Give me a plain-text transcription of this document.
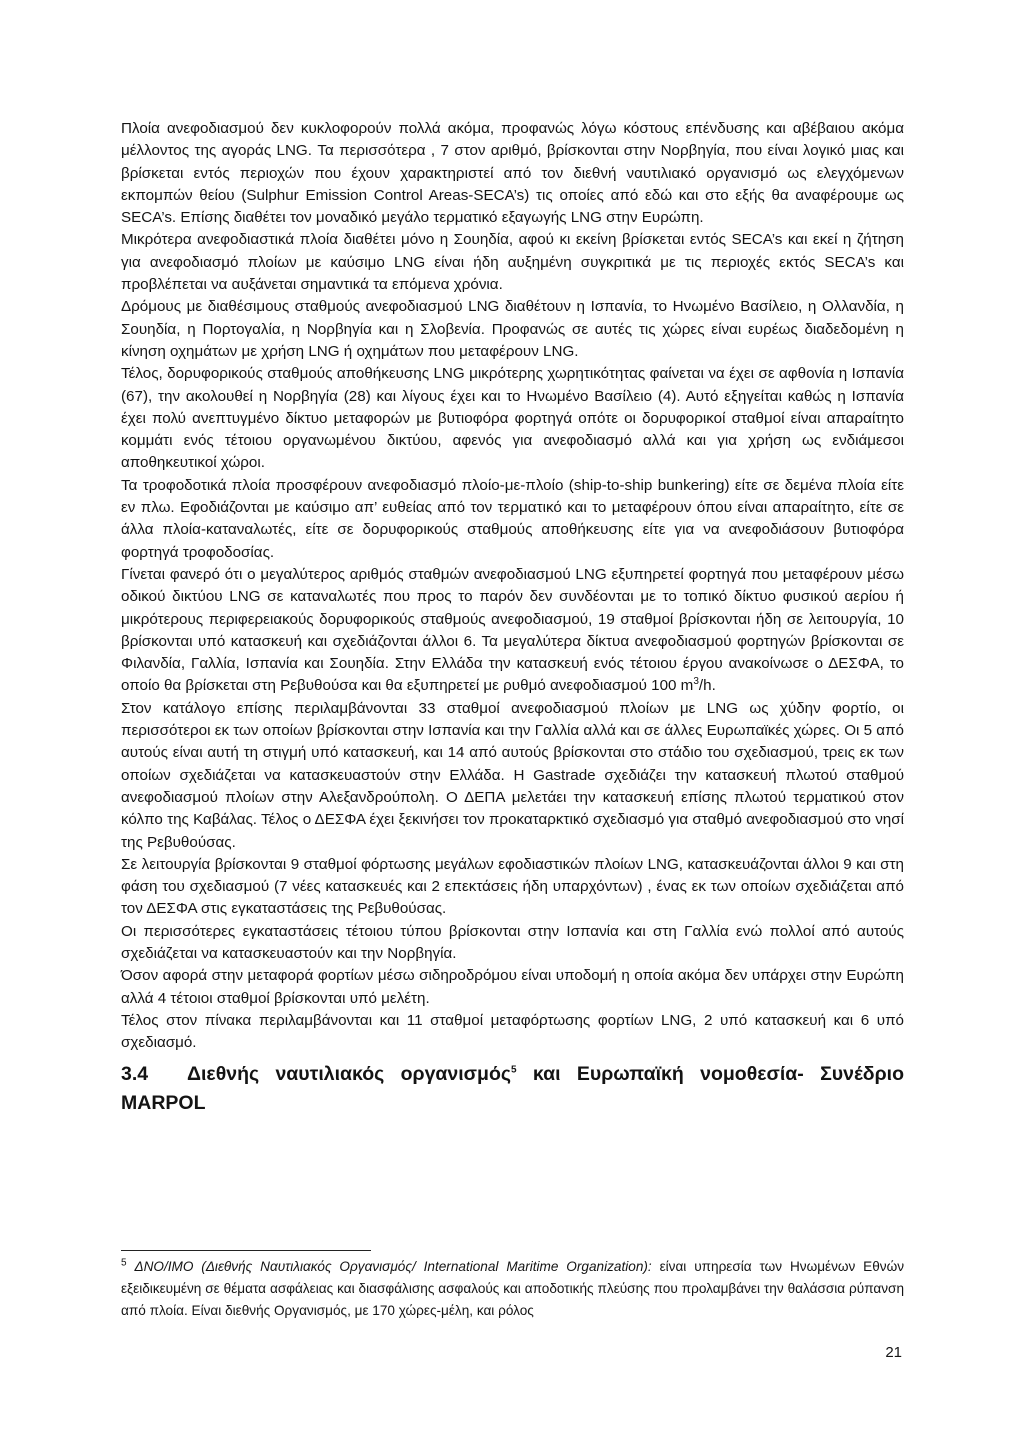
Πλοία ανεφοδιασμού δεν κυκλοφορούν πολλά ακόμα, προφανώς λόγω κόστους επένδυσης και αβέβαιου ακόμα μέλλοντος της αγοράς LNG. Τα περισσότερα , 7 στον αριθμό, βρίσκονται στην Νορβηγία, που είναι λογικό μιας και βρίσκεται εντός περιοχών που έχουν χαρακτηριστεί από τον διεθνή ναυτιλιακό οργανισμό ως ελεγχόμενων εκπομπών θείου (Sulphur Emission Control Areas-SECA’s) τις οποίες από εδώ και στο εξής θα αναφέρουμε ως SECA’s. Επίσης διαθέτει τον μοναδικό μεγάλο τερματικό εξαγωγής LNG στην Ευρώπη.

Μικρότερα ανεφοδιαστικά πλοία διαθέτει μόνο η Σουηδία, αφού κι εκείνη βρίσκεται εντός SECA’s και εκεί η ζήτηση για ανεφοδιασμό πλοίων με καύσιμο LNG είναι ήδη αυξημένη συγκριτικά με τις περιοχές εκτός SECA’s και προβλέπεται να αυξάνεται σημαντικά τα επόμενα χρόνια.

Δρόμους με διαθέσιμους σταθμούς ανεφοδιασμού LNG διαθέτουν η Ισπανία, το Ηνωμένο Βασίλειο, η Ολλανδία, η Σουηδία, η Πορτογαλία, η Νορβηγία και η Σλοβενία. Προφανώς σε αυτές τις χώρες είναι ευρέως διαδεδομένη η κίνηση οχημάτων με χρήση LNG ή οχημάτων που μεταφέρουν LNG.

Τέλος, δορυφορικούς σταθμούς αποθήκευσης LNG μικρότερης χωρητικότητας φαίνεται να έχει σε αφθονία η Ισπανία (67), την ακολουθεί η Νορβηγία (28) και λίγους έχει και το Ηνωμένο Βασίλειο (4). Αυτό εξηγείται καθώς η Ισπανία έχει πολύ ανεπτυγμένο δίκτυο μεταφορών με βυτιοφόρα φορτηγά οπότε οι δορυφορικοί σταθμοί είναι απαραίτητο κομμάτι ενός τέτοιου οργανωμένου δικτύου, αφενός για ανεφοδιασμό αλλά και για χρήση ως ενδιάμεσοι αποθηκευτικοί χώροι.

Τα τροφοδοτικά πλοία προσφέρουν ανεφοδιασμό πλοίο-με-πλοίο (ship-to-ship bunkering) είτε σε δεμένα πλοία είτε εν πλω. Εφοδιάζονται με καύσιμο απ’ ευθείας από τον τερματικό και το μεταφέρουν όπου είναι απαραίτητο, είτε σε άλλα πλοία-καταναλωτές, είτε σε δορυφορικούς σταθμούς αποθήκευσης είτε για να ανεφοδιάσουν βυτιοφόρα φορτηγά τροφοδοσίας.

Γίνεται φανερό ότι ο μεγαλύτερος αριθμός σταθμών ανεφοδιασμού LNG εξυπηρετεί φορτηγά που μεταφέρουν μέσω οδικού δικτύου LNG σε καταναλωτές που προς το παρόν δεν συνδέονται με το τοπικό δίκτυο φυσικού αερίου ή μικρότερους περιφερειακούς δορυφορικούς σταθμούς ανεφοδιασμού, 19 σταθμοί βρίσκονται ήδη σε λειτουργία, 10 βρίσκονται υπό κατασκευή και σχεδιάζονται άλλοι 6. Τα μεγαλύτερα δίκτυα ανεφοδιασμού φορτηγών βρίσκονται σε Φιλανδία, Γαλλία, Ισπανία και Σουηδία. Στην Ελλάδα την κατασκευή ενός τέτοιου έργου ανακοίνωσε ο ΔΕΣΦΑ, το οποίο θα βρίσκεται στη Ρεβυθούσα και θα εξυπηρετεί με ρυθμό ανεφοδιασμού 100 $m^3/h$.

Στον κατάλογο επίσης περιλαμβάνονται 33 σταθμοί ανεφοδιασμού πλοίων με LNG ως χύδην φορτίο, οι περισσότεροι εκ των οποίων βρίσκονται στην Ισπανία και την Γαλλία αλλά και σε άλλες Ευρωπαϊκές χώρες. Οι 5 από αυτούς είναι αυτή τη στιγμή υπό κατασκευή, και 14 από αυτούς βρίσκονται στο στάδιο του σχεδιασμού, τρεις εκ των οποίων σχεδιάζεται να κατασκευαστούν στην Ελλάδα. Η Gastrade σχεδιάζει την κατασκευή πλωτού σταθμού ανεφοδιασμού πλοίων στην Αλεξανδρούπολη. Ο ΔΕΠΑ μελετάει την κατασκευή επίσης πλωτού τερματικού στον κόλπο της Καβάλας. Τέλος ο ΔΕΣΦΑ έχει ξεκινήσει τον προκαταρκτικό σχεδιασμό για σταθμό ανεφοδιασμού στο νησί της Ρεβυθούσας.

Σε λειτουργία βρίσκονται 9 σταθμοί φόρτωσης μεγάλων εφοδιαστικών πλοίων LNG, κατασκευάζονται άλλοι 9 και στη φάση του σχεδιασμού (7 νέες κατασκευές και 2 επεκτάσεις ήδη υπαρχόντων) , ένας εκ των οποίων σχεδιάζεται από τον ΔΕΣΦΑ στις εγκαταστάσεις της Ρεβυθούσας.

Οι περισσότερες εγκαταστάσεις τέτοιου τύπου βρίσκονται στην Ισπανία και στη Γαλλία ενώ πολλοί από αυτούς σχεδιάζεται να κατασκευαστούν και την Νορβηγία.

Όσον αφορά στην μεταφορά φορτίων μέσω σιδηροδρόμου είναι υποδομή η οποία ακόμα δεν υπάρχει στην Ευρώπη αλλά 4 τέτοιοι σταθμοί βρίσκονται υπό μελέτη.

Τέλος στον πίνακα περιλαμβάνονται και 11 σταθμοί μεταφόρτωσης φορτίων LNG, 2 υπό κατασκευή και 6 υπό σχεδιασμό.

3.4 Διεθνής ναυτιλιακός οργανισμός$^5$ και Ευρωπαϊκή νομοθεσία- Συνέδριο MARPOL
$^5$ ΔΝΟ/ΙΜΟ (Διεθνής Ναυτιλιακός Οργανισμός/ International Maritime Organization): είναι υπηρεσία των Ηνωμένων Εθνών εξειδικευμένη σε θέματα ασφάλειας και διασφάλισης ασφαλούς και αποδοτικής πλεύσης που προλαμβάνει την θαλάσσια ρύπανση από πλοία. Είναι διεθνής Οργανισμός, με 170 χώρες-μέλη, και ρόλος
21
